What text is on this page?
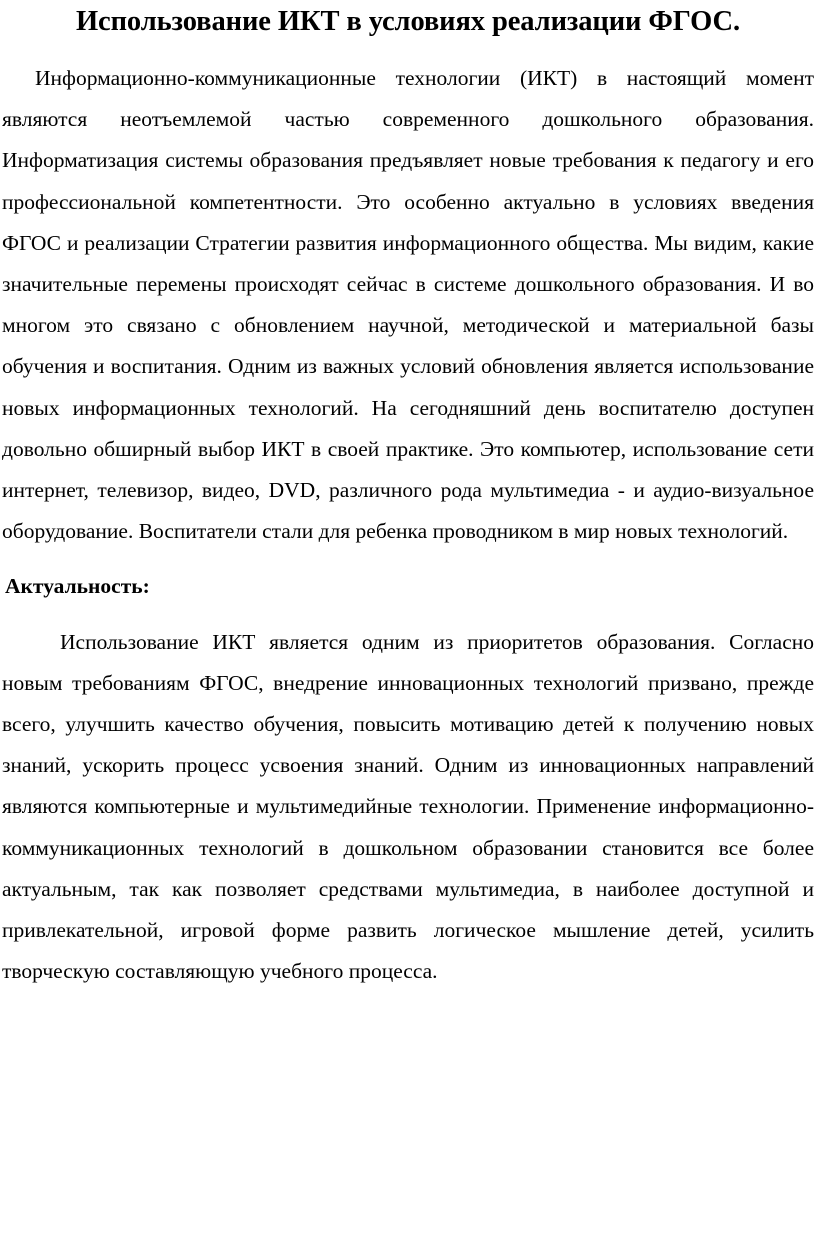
Использование ИКТ в условиях реализации ФГОС.

Информационно-коммуникационные технологии (ИКТ) в настоящий момент являются неотъемлемой частью современного дошкольного образования. Информатизация системы образования предъявляет новые требования к педагогу и его профессиональной компетентности. Это особенно актуально в условиях введения ФГОС и реализации Стратегии развития информационного общества. Мы видим, какие значительные перемены происходят сейчас в системе дошкольного образования. И во многом это связано с обновлением научной, методической и материальной базы обучения и воспитания. Одним из важных условий обновления является использование новых информационных технологий. На сегодняшний день воспитателю доступен довольно обширный выбор ИКТ в своей практике. Это компьютер, использование сети интернет, телевизор, видео, DVD, различного рода мультимедиа - и аудио-визуальное оборудование. Воспитатели стали для ребенка проводником в мир новых технологий.

Актуальность:

Использование ИКТ является одним из приоритетов образования. Согласно новым требованиям ФГОС, внедрение инновационных технологий призвано, прежде всего, улучшить качество обучения, повысить мотивацию детей к получению новых знаний, ускорить процесс усвоения знаний. Одним из инновационных направлений являются компьютерные и мультимедийные технологии. Применение информационно-коммуникационных технологий в дошкольном образовании становится все более актуальным, так как позволяет средствами мультимедиа, в наиболее доступной и привлекательной, игровой форме развить логическое мышление детей, усилить творческую составляющую учебного процесса.
